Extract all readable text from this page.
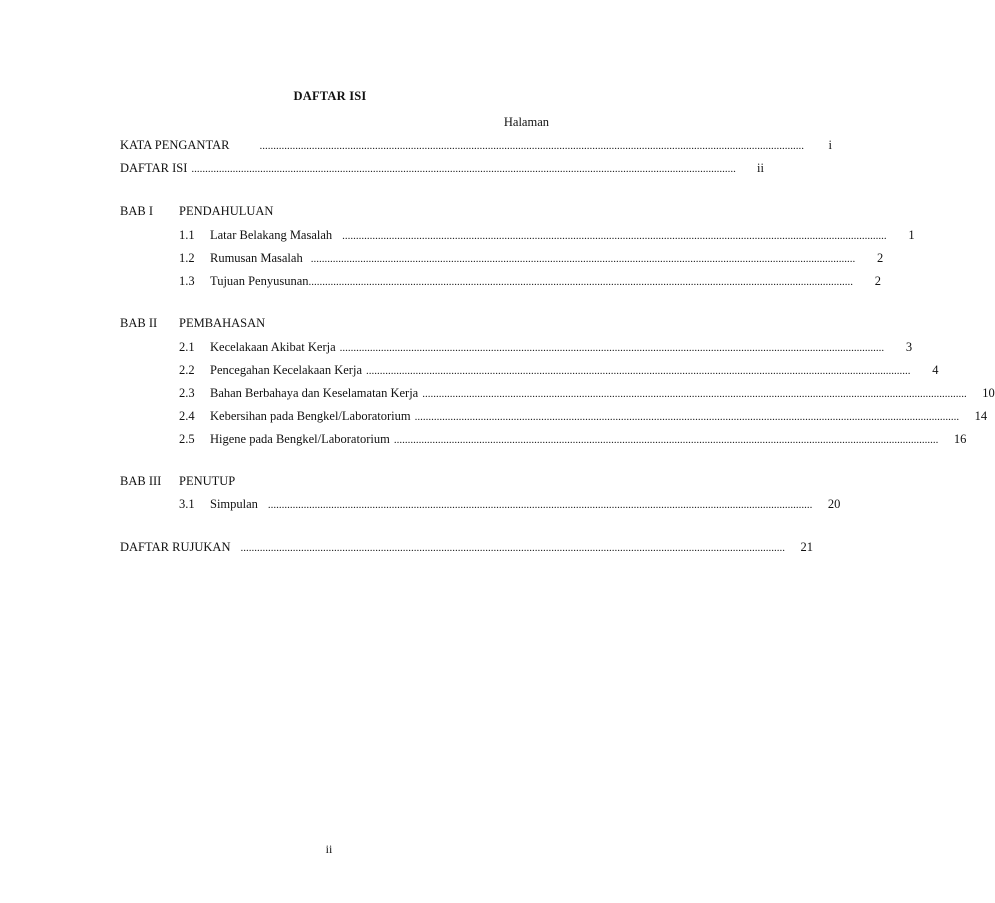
DAFTAR ISI
Halaman
KATA PENGANTAR	......................................................................................................................................................................................................	i
DAFTAR ISI ......................................................................................................................................................................................................	ii
BAB I	PENDAHULUAN
1.1	Latar Belakang Masalah ......................................................................................................................................................................................................	1
1.2	Rumusan Masalah ......................................................................................................................................................................................................	2
1.3	Tujuan Penyusunan ......................................................................................................................................................................................................	2
BAB II	PEMBAHASAN
2.1	Kecelakaan Akibat Kerja ......................................................................................................................................................................................................	3
2.2	Pencegahan Kecelakaan Kerja ......................................................................................................................................................................................................	4
2.3	Bahan Berbahaya dan Keselamatan Kerja ......................................................................................................................................................................................................	10
2.4	Kebersihan pada Bengkel/Laboratorium ......................................................................................................................................................................................................	14
2.5	Higene pada Bengkel/Laboratorium ......................................................................................................................................................................................................	16
BAB III	PENUTUP
3.1	Simpulan ......................................................................................................................................................................................................	20
DAFTAR RUJUKAN ......................................................................................................................................................................................................	21
ii
